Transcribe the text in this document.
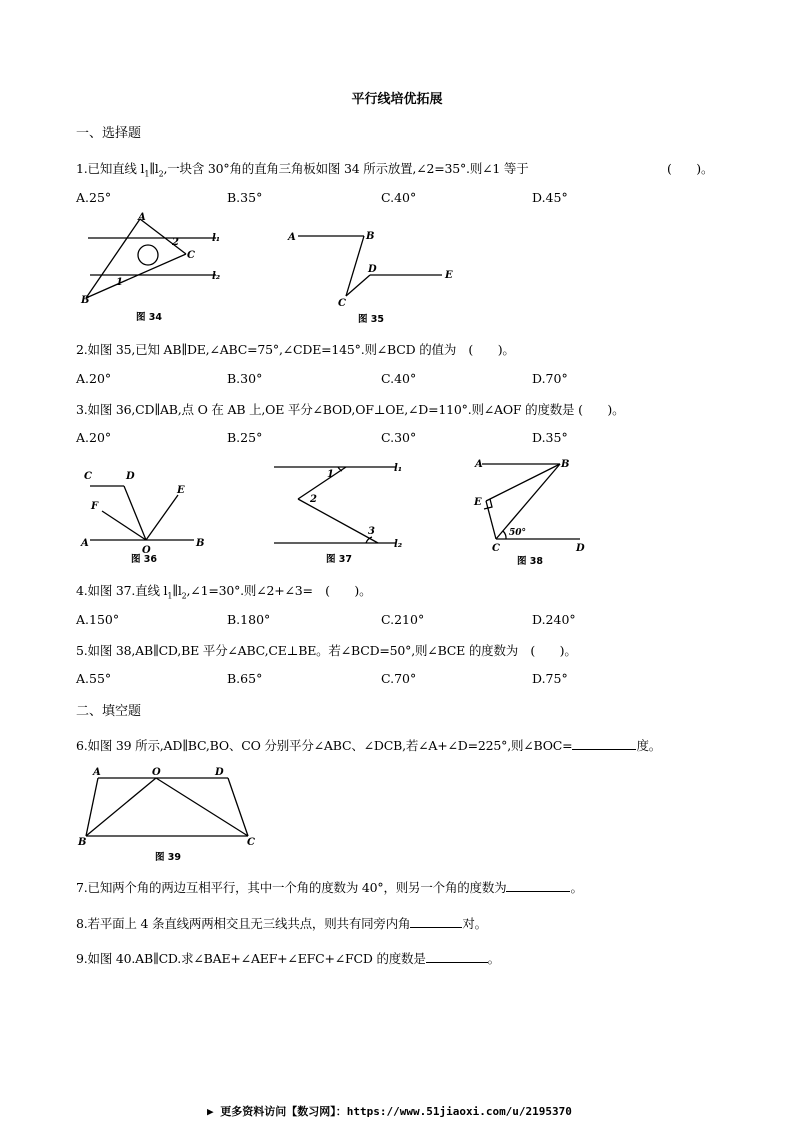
平行线培优拓展
一、选择题
1.已知直线 $l_1\parallel l_2$,一块含 30°角的直角三角板如图 34 所示放置,∠2=35°.则∠1 等于	(　　)。
A.25°	B.35°	C.40°	D.45°
A
B
C
l₁
l₂
2
1
图 34
A	B
C
D
E
图 35
2.如图 35,已知 AB∥DE,∠ABC=75°,∠CDE=145°.则∠BCD 的值为　(　　)。
A.20°	B.30°	C.40°	D.70°
3.如图 36,CD∥AB,点 O 在 AB 上,OE 平分∠BOD,OF⊥OE,∠D=110°.则∠AOF 的度数是 (　　)。
A.20°	B.25°	C.30°	D.35°
C	D
F
E
A
O
B
图 36
1
2
3
l₁
l₂
图 37
A	B
E
C	D
50°
图 38
4.如图 37.直线 $l_1\parallel l_2,\angle 1=30^\circ$.则∠2+∠3=　(　　)。
A.150°	B.180°	C.210°	D.240°
5.如图 38,AB∥CD,BE 平分∠ABC,CE⊥BE。若∠BCD=50°,则∠BCE 的度数为　(　　)。
A.55°	B.65°	C.70°	D.75°
二、填空题
6.如图 39 所示,AD∥BC,BO、CO 分别平分∠ABC、∠DCB,若∠A+∠D=225°,则∠BOC=	度。
A	O	D
B	C
图 39
7.已知两个角的两边互相平行，其中一个角的度数为 40°，则另一个角的度数为	。
8.若平面上 4 条直线两两相交且无三线共点，则共有同旁内角	对。
9.如图 40.AB∥CD.求∠BAE+∠AEF+∠EFC+∠FCD 的度数是	。
▶ 更多资料访问【数习网】：https://www.51jiaoxi.com/u/2195370
